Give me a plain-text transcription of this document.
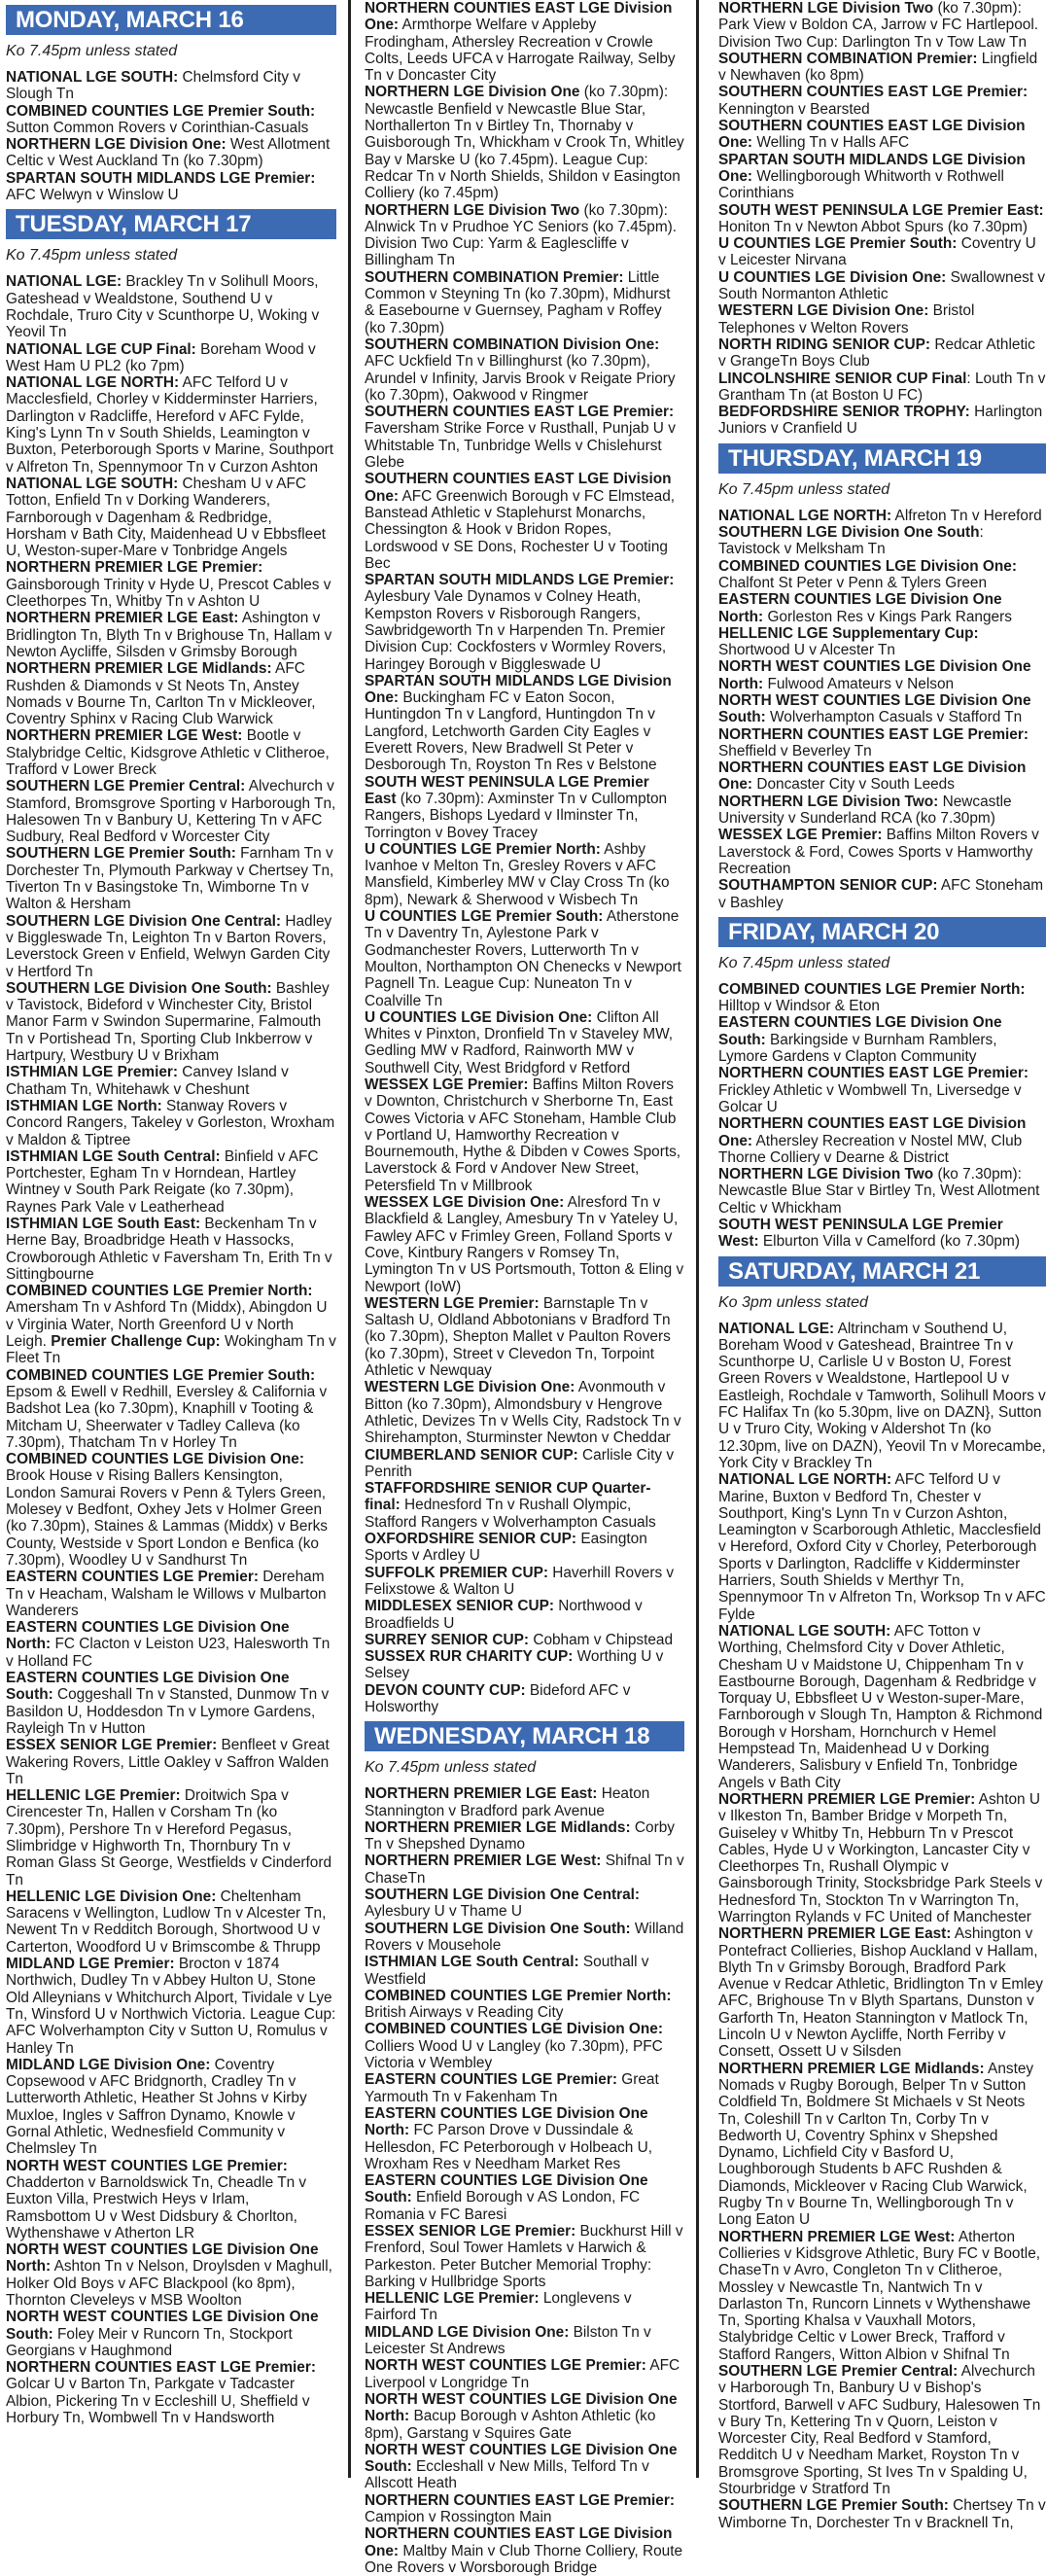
MONDAY, MARCH 16
Ko 7.45pm unless stated

NATIONAL LGE SOUTH: Chelmsford City v Slough Tn

COMBINED COUNTIES LGE Premier South: Sutton Common Rovers v Corinthian-Casuals

NORTHERN LGE Division One: West Allotment Celtic v West Auckland Tn (ko 7.30pm)

SPARTAN SOUTH MIDLANDS LGE Premier: AFC Welwyn v Winslow U

TUESDAY, MARCH 17
Ko 7.45pm unless stated

NATIONAL LGE: Brackley Tn v Solihull Moors, Gateshead v Wealdstone, Southend U v Rochdale, Truro City v Scunthorpe U, Woking v Yeovil Tn

NATIONAL LGE CUP Final: Boreham Wood v West Ham U PL2 (ko 7pm)

NATIONAL LGE NORTH: AFC Telford U v Macclesfield, Chorley v Kidderminster Harriers, Darlington v Radcliffe, Hereford v AFC Fylde, King's Lynn Tn v South Shields, Leamington v Buxton, Peterborough Sports v Marine, Southport v Alfreton Tn, Spennymoor Tn v Curzon Ashton

NATIONAL LGE SOUTH: Chesham U v AFC Totton, Enfield Tn v Dorking Wanderers, Farnborough v Dagenham & Redbridge, Horsham v Bath City, Maidenhead U v Ebbsfleet U, Weston-super-Mare v Tonbridge Angels

NORTHERN PREMIER LGE Premier: Gainsborough Trinity v Hyde U, Prescot Cables v Cleethorpes Tn, Whitby Tn v Ashton U

NORTHERN PREMIER LGE East: Ashington v Bridlington Tn, Blyth Tn v Brighouse Tn, Hallam v Newton Aycliffe, Silsden v Grimsby Borough

NORTHERN PREMIER LGE Midlands: AFC Rushden & Diamonds v St Neots Tn, Anstey Nomads v Bourne Tn, Carlton Tn v Mickleover, Coventry Sphinx v Racing Club Warwick

NORTHERN PREMIER LGE West: Bootle v Stalybridge Celtic, Kidsgrove Athletic v Clitheroe, Trafford v Lower Breck

SOUTHERN LGE Premier Central: Alvechurch v Stamford, Bromsgrove Sporting v Harborough Tn, Halesowen Tn v Banbury U, Kettering Tn v AFC Sudbury, Real Bedford v Worcester City

SOUTHERN LGE Premier South: Farnham Tn v Dorchester Tn, Plymouth Parkway v Chertsey Tn, Tiverton Tn v Basingstoke Tn, Wimborne Tn v Walton & Hersham

SOUTHERN LGE Division One Central: Hadley v Biggleswade Tn, Leighton Tn v Barton Rovers, Leverstock Green v Enfield, Welwyn Garden City v Hertford Tn

SOUTHERN LGE Division One South: Bashley v Tavistock, Bideford v Winchester City, Bristol Manor Farm v Swindon Supermarine, Falmouth Tn v Portishead Tn, Sporting Club Inkberrow v Hartpury, Westbury U v Brixham

ISTHMIAN LGE Premier: Canvey Island v Chatham Tn, Whitehawk v Cheshunt

ISTHMIAN LGE North: Stanway Rovers v Concord Rangers, Takeley v Gorleston, Wroxham v Maldon & Tiptree

ISTHMIAN LGE South Central: Binfield v AFC Portchester, Egham Tn v Horndean, Hartley Wintney v South Park Reigate (ko 7.30pm), Raynes Park Vale v Leatherhead

ISTHMIAN LGE South East: Beckenham Tn v Herne Bay, Broadbridge Heath v Hassocks, Crowborough Athletic v Faversham Tn, Erith Tn v Sittingbourne

COMBINED COUNTIES LGE Premier North: Amersham Tn v Ashford Tn (Middx), Abingdon U v Virginia Water, North Greenford U v North Leigh. Premier Challenge Cup: Wokingham Tn v Fleet Tn

COMBINED COUNTIES LGE Premier South: Epsom & Ewell v Redhill, Eversley & California v Badshot Lea (ko 7.30pm), Knaphill v Tooting & Mitcham U, Sheerwater v Tadley Calleva (ko 7.30pm), Thatcham Tn v Horley Tn

COMBINED COUNTIES LGE Division One: Brook House v Rising Ballers Kensington, London Samurai Rovers v Penn & Tylers Green, Molesey v Bedfont, Oxhey Jets v Holmer Green (ko 7.30pm), Staines & Lammas (Middx) v Berks County, Westside v Sport London e Benfica (ko 7.30pm), Woodley U v Sandhurst Tn

EASTERN COUNTIES LGE Premier: Dereham Tn v Heacham, Walsham le Willows v Mulbarton Wanderers

EASTERN COUNTIES LGE Division One North: FC Clacton v Leiston U23, Halesworth Tn v Holland FC

EASTERN COUNTIES LGE Division One South: Coggeshall Tn v Stansted, Dunmow Tn v Basildon U, Hoddesdon Tn v Lymore Gardens, Rayleigh Tn v Hutton

ESSEX SENIOR LGE Premier: Benfleet v Great Wakering Rovers, Little Oakley v Saffron Walden Tn

HELLENIC LGE Premier: Droitwich Spa v Cirencester Tn, Hallen v Corsham Tn (ko 7.30pm), Pershore Tn v Hereford Pegasus, Slimbridge v Highworth Tn, Thornbury Tn v Roman Glass St George, Westfields v Cinderford Tn

HELLENIC LGE Division One: Cheltenham Saracens v Wellington, Ludlow Tn v Alcester Tn, Newent Tn v Redditch Borough, Shortwood U v Carterton, Woodford U v Brimscombe & Thrupp

MIDLAND LGE Premier: Brocton v 1874 Northwich, Dudley Tn v Abbey Hulton U, Stone Old Alleynians v Whitchurch Alport, Tividale v Lye Tn, Winsford U v Northwich Victoria. League Cup: AFC Wolverhampton City v Sutton U, Romulus v Hanley Tn

MIDLAND LGE Division One: Coventry Copsewood v AFC Bridgnorth, Cradley Tn v Lutterworth Athletic, Heather St Johns v Kirby Muxloe, Ingles v Saffron Dynamo, Knowle v Gornal Athletic, Wednesfield Community v Chelmsley Tn

NORTH WEST COUNTIES LGE Premier: Chadderton v Barnoldswick Tn, Cheadle Tn v Euxton Villa, Prestwich Heys v Irlam, Ramsbottom U v West Didsbury & Chorlton, Wythenshawe v Atherton LR

NORTH WEST COUNTIES LGE Division One North: Ashton Tn v Nelson, Droylsden v Maghull, Holker Old Boys v AFC Blackpool (ko 8pm), Thornton Cleveleys v MSB Woolton

NORTH WEST COUNTIES LGE Division One South: Foley Meir v Runcorn Tn, Stockport Georgians v Haughmond

NORTHERN COUNTIES EAST LGE Premier: Golcar U v Barton Tn, Parkgate v Tadcaster Albion, Pickering Tn v Eccleshill U, Sheffield v Horbury Tn, Wombwell Tn v Handsworth

NORTHERN COUNTIES EAST LGE Division One: Armthorpe Welfare v Appleby Frodingham, Athersley Recreation v Crowle Colts, Leeds UFCA v Harrogate Railway, Selby Tn v Doncaster City

NORTHERN LGE Division One (ko 7.30pm): Newcastle Benfield v Newcastle Blue Star, Northallerton Tn v Birtley Tn, Thornaby v Guisborough Tn, Whickham v Crook Tn, Whitley Bay v Marske U (ko 7.45pm). League Cup: Redcar Tn v North Shields, Shildon v Easington Colliery (ko 7.45pm)

NORTHERN LGE Division Two (ko 7.30pm): Alnwick Tn v Prudhoe YC Seniors (ko 7.45pm). Division Two Cup: Yarm & Eaglescliffe v Billingham Tn

SOUTHERN COMBINATION Premier: Little Common v Steyning Tn (ko 7.30pm), Midhurst & Easebourne v Guernsey, Pagham v Roffey (ko 7.30pm)

SOUTHERN COMBINATION Division One: AFC Uckfield Tn v Billinghurst (ko 7.30pm), Arundel v Infinity, Jarvis Brook v Reigate Priory (ko 7.30pm), Oakwood v Ringmer

SOUTHERN COUNTIES EAST LGE Premier: Faversham Strike Force v Rusthall, Punjab U v Whitstable Tn, Tunbridge Wells v Chislehurst Glebe

SOUTHERN COUNTIES EAST LGE Division One: AFC Greenwich Borough v FC Elmstead, Banstead Athletic v Staplehurst Monarchs, Chessington & Hook v Bridon Ropes, Lordswood v SE Dons, Rochester U v Tooting Bec

SPARTAN SOUTH MIDLANDS LGE Premier: Aylesbury Vale Dynamos v Colney Heath, Kempston Rovers v Risborough Rangers, Sawbridgeworth Tn v Harpenden Tn. Premier Division Cup: Cockfosters v Wormley Rovers, Haringey Borough v Biggleswade U

SPARTAN SOUTH MIDLANDS LGE Division One: Buckingham FC v Eaton Socon, Huntingdon Tn v Langford, Huntingdon Tn v Langford, Letchworth Garden City Eagles v Everett Rovers, New Bradwell St Peter v Desborough Tn, Royston Tn Res v Belstone

SOUTH WEST PENINSULA LGE Premier East (ko 7.30pm): Axminster Tn v Cullompton Rangers, Bishops Lyedard v Ilminster Tn, Torrington v Bovey Tracey

U COUNTIES LGE Premier North: Ashby Ivanhoe v Melton Tn, Gresley Rovers v AFC Mansfield, Kimberley MW v Clay Cross Tn (ko 8pm), Newark & Sherwood v Wisbech Tn

U COUNTIES LGE Premier South: Atherstone Tn v Daventry Tn, Aylestone Park v Godmanchester Rovers, Lutterworth Tn v Moulton, Northampton ON Chenecks v Newport Pagnell Tn. League Cup: Nuneaton Tn v Coalville Tn

U COUNTIES LGE Division One: Clifton All Whites v Pinxton, Dronfield Tn v Staveley MW, Gedling MW v Radford, Rainworth MW v Southwell City, West Bridgford v Retford

WESSEX LGE Premier: Baffins Milton Rovers v Downton, Christchurch v Sherborne Tn, East Cowes Victoria v AFC Stoneham, Hamble Club v Portland U, Hamworthy Recreation v Bournemouth, Hythe & Dibden v Cowes Sports, Laverstock & Ford v Andover New Street, Petersfield Tn v Millbrook

WESSEX LGE Division One: Alresford Tn v Blackfield & Langley, Amesbury Tn v Yateley U, Fawley AFC v Frimley Green, Folland Sports v Cove, Kintbury Rangers v Romsey Tn, Lymington Tn v US Portsmouth, Totton & Eling v Newport (IoW)

WESTERN LGE Premier: Barnstaple Tn v Saltash U, Oldland Abbotonians v Bradford Tn (ko 7.30pm), Shepton Mallet v Paulton Rovers (ko 7.30pm), Street v Clevedon Tn, Torpoint Athletic v Newquay

WESTERN LGE Division One: Avonmouth v Bitton (ko 7.30pm), Almondsbury v Hengrove Athletic, Devizes Tn v Wells City, Radstock Tn v Shirehampton, Sturminster Newton v Cheddar

CIUMBERLAND SENIOR CUP: Carlisle City v Penrith

STAFFORDSHIRE SENIOR CUP Quarter-final: Hednesford Tn v Rushall Olympic, Stafford Rangers v Wolverhampton Casuals

OXFORDSHIRE SENIOR CUP: Easington Sports v Ardley U

SUFFOLK PREMIER CUP: Haverhill Rovers v Felixstowe & Walton U

MIDDLESEX SENIOR CUP: Northwood v Broadfields U

SURREY SENIOR CUP: Cobham v Chipstead

SUSSEX RUR CHARITY CUP: Worthing U v Selsey

DEVON COUNTY CUP: Bideford AFC v Holsworthy

WEDNESDAY, MARCH 18
Ko 7.45pm unless stated

NORTHERN PREMIER LGE East: Heaton Stannington v Bradford park Avenue

NORTHERN PREMIER LGE Midlands: Corby Tn v Shepshed Dynamo

NORTHERN PREMIER LGE West: Shifnal Tn v ChaseTn

SOUTHERN LGE Division One Central: Aylesbury U v Thame U

SOUTHERN LGE Division One South: Willand Rovers v Mousehole

ISTHMIAN LGE South Central: Southall v Westfield

COMBINED COUNTIES LGE Premier North: British Airways v Reading City

COMBINED COUNTIES LGE Division One: Colliers Wood U v Langley (ko 7.30pm), PFC Victoria v Wembley

EASTERN COUNTIES LGE Premier: Great Yarmouth Tn v Fakenham Tn

EASTERN COUNTIES LGE Division One North: FC Parson Drove v Dussindale & Hellesdon, FC Peterborough v Holbeach U, Wroxham Res v Needham Market Res

EASTERN COUNTIES LGE Division One South: Enfield Borough v AS London, FC Romania v FC Baresi

ESSEX SENIOR LGE Premier: Buckhurst Hill v Frenford, Soul Tower Hamlets v Harwich & Parkeston. Peter Butcher Memorial Trophy: Barking v Hullbridge Sports

HELLENIC LGE Premier: Longlevens v Fairford Tn

MIDLAND LGE Division One: Bilston Tn v Leicester St Andrews

NORTH WEST COUNTIES LGE Premier: AFC Liverpool v Longridge Tn

NORTH WEST COUNTIES LGE Division One North: Bacup Borough v Ashton Athletic (ko 8pm), Garstang v Squires Gate

NORTH WEST COUNTIES LGE Division One South: Eccleshall v New Mills, Telford Tn v Allscott Heath

NORTHERN COUNTIES EAST LGE Premier: Campion v Rossington Main

NORTHERN COUNTIES EAST LGE Division One: Maltby Main v Club Thorne Colliery, Route One Rovers v Worsborough Bridge

NORTHERN LGE Division Two (ko 7.30pm): Park View v Boldon CA, Jarrow v FC Hartlepool. Division Two Cup: Darlington Tn v Tow Law Tn

SOUTHERN COMBINATION Premier: Lingfield v Newhaven (ko 8pm)

SOUTHERN COUNTIES EAST LGE Premier: Kennington v Bearsted

SOUTHERN COUNTIES EAST LGE Division One: Welling Tn v Halls AFC

SPARTAN SOUTH MIDLANDS LGE Division One: Wellingborough Whitworth v Rothwell Corinthians

SOUTH WEST PENINSULA LGE Premier East: Honiton Tn v Newton Abbot Spurs (ko 7.30pm)

U COUNTIES LGE Premier South: Coventry U v Leicester Nirvana

U COUNTIES LGE Division One: Swallownest v South Normanton Athletic

WESTERN LGE Division One: Bristol Telephones v Welton Rovers

NORTH RIDING SENIOR CUP: Redcar Athletic v GrangeTn Boys Club

LINCOLNSHIRE SENIOR CUP Final: Louth Tn v Grantham Tn (at Boston U FC)

BEDFORDSHIRE SENIOR TROPHY: Harlington Juniors v Cranfield U

THURSDAY, MARCH 19
Ko 7.45pm unless stated

NATIONAL LGE NORTH: Alfreton Tn v Hereford

SOUTHERN LGE Division One South: Tavistock v Melksham Tn

COMBINED COUNTIES LGE Division One: Chalfont St Peter v Penn & Tylers Green

EASTERN COUNTIES LGE Division One North: Gorleston Res v Kings Park Rangers

HELLENIC LGE Supplementary Cup: Shortwood U v Alcester Tn

NORTH WEST COUNTIES LGE Division One North: Fulwood Amateurs v Nelson

NORTH WEST COUNTIES LGE Division One South: Wolverhampton Casuals v Stafford Tn

NORTHERN COUNTIES EAST LGE Premier: Sheffield v Beverley Tn

NORTHERN COUNTIES EAST LGE Division One: Doncaster City v South Leeds

NORTHERN LGE Division Two: Newcastle University v Sunderland RCA (ko 7.30pm)

WESSEX LGE Premier: Baffins Milton Rovers v Laverstock & Ford, Cowes Sports v Hamworthy Recreation

SOUTHAMPTON SENIOR CUP: AFC Stoneham v Bashley

FRIDAY, MARCH 20
Ko 7.45pm unless stated

COMBINED COUNTIES LGE Premier North: Hilltop v Windsor & Eton

EASTERN COUNTIES LGE Division One South: Barkingside v Burnham Ramblers, Lymore Gardens v Clapton Community

NORTHERN COUNTIES EAST LGE Premier: Frickley Athletic v Wombwell Tn, Liversedge v Golcar U

NORTHERN COUNTIES EAST LGE Division One: Athersley Recreation v Nostel MW, Club Thorne Colliery v Dearne & District

NORTHERN LGE Division Two (ko 7.30pm): Newcastle Blue Star v Birtley Tn, West Allotment Celtic v Whickham

SOUTH WEST PENINSULA LGE Premier West: Elburton Villa v Camelford (ko 7.30pm)

SATURDAY, MARCH 21
Ko 3pm unless stated

NATIONAL LGE: Altrincham v Southend U, Boreham Wood v Gateshead, Braintree Tn v Scunthorpe U, Carlisle U v Boston U, Forest Green Rovers v Wealdstone, Hartlepool U v Eastleigh, Rochdale v Tamworth, Solihull Moors v FC Halifax Tn (ko 5.30pm, live on DAZN}, Sutton U v Truro City, Woking v Aldershot Tn (ko 12.30pm, live on DAZN), Yeovil Tn v Morecambe, York City v Brackley Tn

NATIONAL LGE NORTH: AFC Telford U v Marine, Buxton v Bedford Tn, Chester v Southport, King's Lynn Tn v Curzon Ashton, Leamington v Scarborough Athletic, Macclesfield v Hereford, Oxford City v Chorley, Peterborough Sports v Darlington, Radcliffe v Kidderminster Harriers, South Shields v Merthyr Tn, Spennymoor Tn v Alfreton Tn, Worksop Tn v AFC Fylde

NATIONAL LGE SOUTH: AFC Totton v Worthing, Chelmsford City v Dover Athletic, Chesham U v Maidstone U, Chippenham Tn v Eastbourne Borough, Dagenham & Redbridge v Torquay U, Ebbsfleet U v Weston-super-Mare, Farnborough v Slough Tn, Hampton & Richmond Borough v Horsham, Hornchurch v Hemel Hempstead Tn, Maidenhead U v Dorking Wanderers, Salisbury v Enfield Tn, Tonbridge Angels v Bath City

NORTHERN PREMIER LGE Premier: Ashton U v Ilkeston Tn, Bamber Bridge v Morpeth Tn, Guiseley v Whitby Tn, Hebburn Tn v Prescot Cables, Hyde U v Workington, Lancaster City v Cleethorpes Tn, Rushall Olympic v Gainsborough Trinity, Stocksbridge Park Steels v Hednesford Tn, Stockton Tn v Warrington Tn, Warrington Rylands v FC United of Manchester

NORTHERN PREMIER LGE East: Ashington v Pontefract Collieries, Bishop Auckland v Hallam, Blyth Tn v Grimsby Borough, Bradford Park Avenue v Redcar Athletic, Bridlington Tn v Emley AFC, Brighouse Tn v Blyth Spartans, Dunston v Garforth Tn, Heaton Stannington v Matlock Tn, Lincoln U v Newton Aycliffe, North Ferriby v Consett, Ossett U v Silsden

NORTHERN PREMIER LGE Midlands: Anstey Nomads v Rugby Borough, Belper Tn v Sutton Coldfield Tn, Boldmere St Michaels v St Neots Tn, Coleshill Tn v Carlton Tn, Corby Tn v Bedworth U, Coventry Sphinx v Shepshed Dynamo, Lichfield City v Basford U, Loughborough Students b AFC Rushden & Diamonds, Mickleover v Racing Club Warwick, Rugby Tn v Bourne Tn, Wellingborough Tn v Long Eaton U

NORTHERN PREMIER LGE West: Atherton Collieries v Kidsgrove Athletic, Bury FC v Bootle, ChaseTn v Avro, Congleton Tn v Clitheroe, Mossley v Newcastle Tn, Nantwich Tn v Darlaston Tn, Runcorn Linnets v Wythenshawe Tn, Sporting Khalsa v Vauxhall Motors, Stalybridge Celtic v Lower Breck, Trafford v Stafford Rangers, Witton Albion v Shifnal Tn

SOUTHERN LGE Premier Central: Alvechurch v Harborough Tn, Banbury U v Bishop's Stortford, Barwell v AFC Sudbury, Halesowen Tn v Bury Tn, Kettering Tn v Quorn, Leiston v Worcester City, Real Bedford v Stamford, Redditch U v Needham Market, Royston Tn v Bromsgrove Sporting, St Ives Tn v Spalding U, Stourbridge v Stratford Tn

SOUTHERN LGE Premier South: Chertsey Tn v Wimborne Tn, Dorchester Tn v Bracknell Tn,
